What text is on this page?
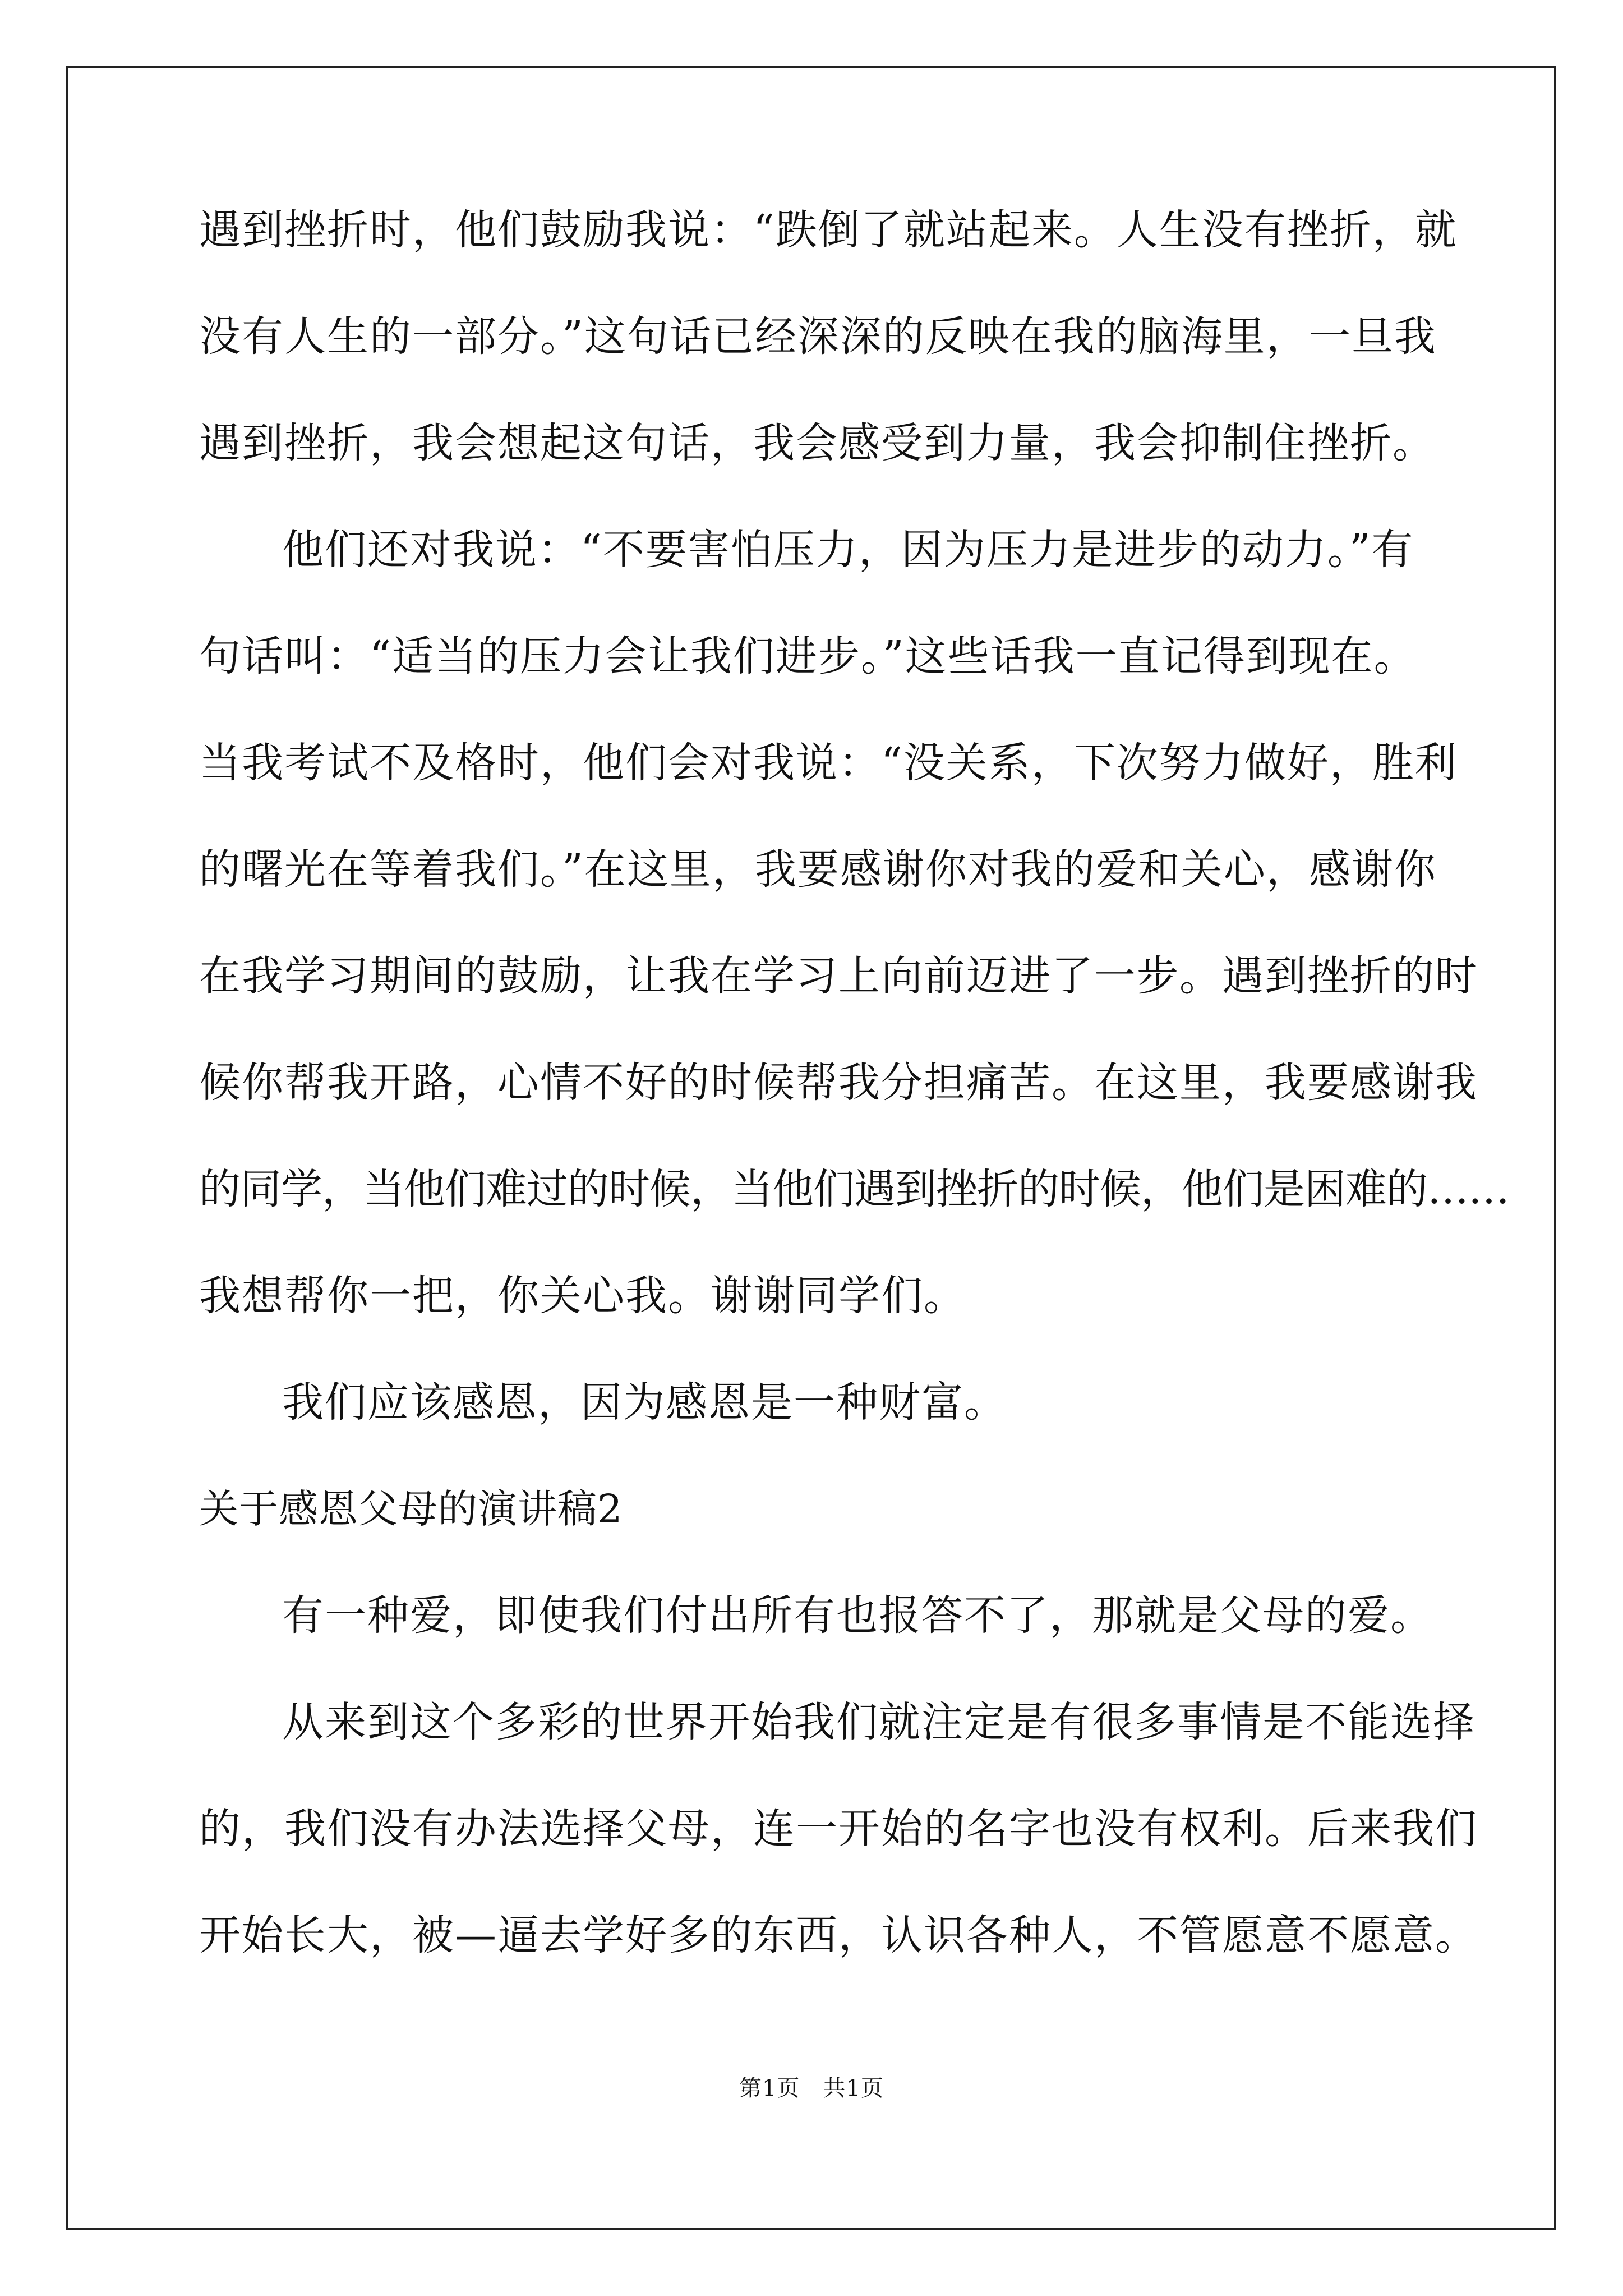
遇到挫折时，他们鼓励我说：“跌倒了就站起来。人生没有挫折，就
没有人生的一部分。”这句话已经深深的反映在我的脑海里，一旦我
遇到挫折，我会想起这句话，我会感受到力量，我会抑制住挫折。
他们还对我说：“不要害怕压力，因为压力是进步的动力。”有
句话叫：“适当的压力会让我们进步。”这些话我一直记得到现在。
当我考试不及格时，他们会对我说：“没关系，下次努力做好，胜利
的曙光在等着我们。”在这里，我要感谢你对我的爱和关心，感谢你
在我学习期间的鼓励，让我在学习上向前迈进了一步。遇到挫折的时
候你帮我开路，心情不好的时候帮我分担痛苦。在这里，我要感谢我
的同学，当他们难过的时候，当他们遇到挫折的时候，他们是困难的……
我想帮你一把，你关心我。谢谢同学们。
我们应该感恩，因为感恩是一种财富。
关于感恩父母的演讲稿2
有一种爱，即使我们付出所有也报答不了，那就是父母的爱。
从来到这个多彩的世界开始我们就注定是有很多事情是不能选择
的，我们没有办法选择父母，连一开始的名字也没有权利。后来我们
开始长大，被—逼去学好多的东西，认识各种人，不管愿意不愿意。
第1页　共1页
